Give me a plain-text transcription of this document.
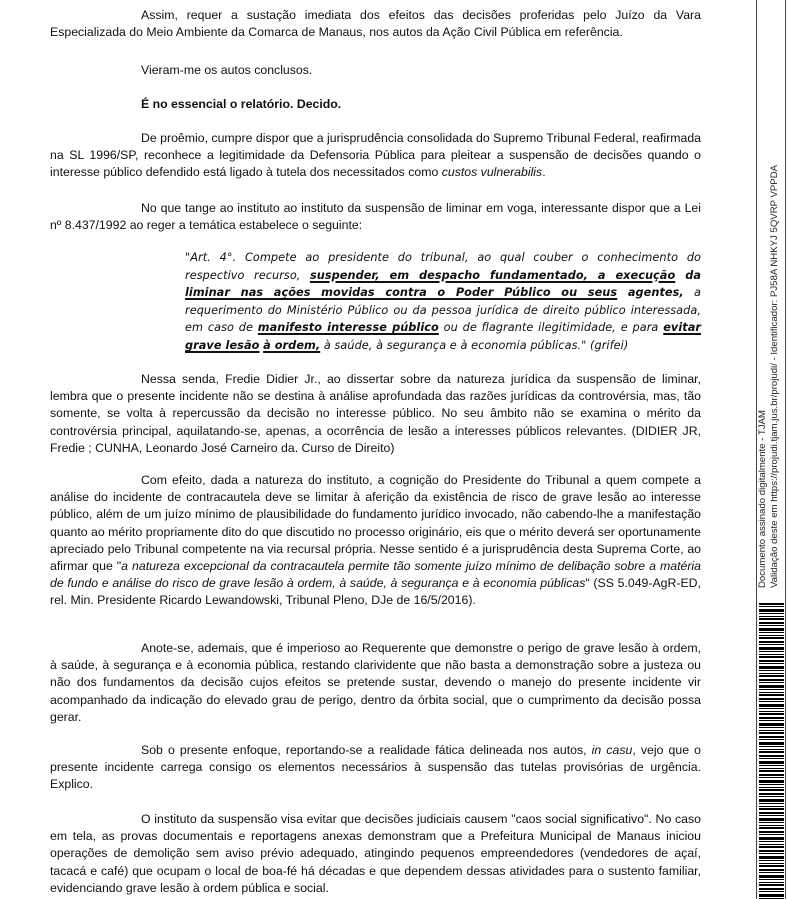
Assim, requer a sustação imediata dos efeitos das decisões proferidas pelo Juízo da Vara Especializada do Meio Ambiente da Comarca de Manaus, nos autos da Ação Civil Pública em referência.

Vieram-me os autos conclusos.

É no essencial o relatório. Decido.

De proêmio, cumpre dispor que a jurisprudência consolidada do Supremo Tribunal Federal, reafirmada na SL 1996/SP, reconhece a legitimidade da Defensoria Pública para pleitear a suspensão de decisões quando o interesse público defendido está ligado à tutela dos necessitados como custos vulnerabilis.

No que tange ao instituto ao instituto da suspensão de liminar em voga, interessante dispor que a Lei nº 8.437/1992 ao reger a temática estabelece o seguinte:

"Art. 4°. Compete ao presidente do tribunal, ao qual couber o conhecimento do respectivo recurso, suspender, em despacho fundamentado, a execução da liminar nas ações movidas contra o Poder Público ou seus agentes, a requerimento do Ministério Público ou da pessoa jurídica de direito público interessada, em caso de manifesto interesse público ou de flagrante ilegitimidade, e para evitar grave lesão à ordem, à saúde, à segurança e à economia públicas." (grifei)

Nessa senda, Fredie Didier Jr., ao dissertar sobre da natureza jurídica da suspensão de liminar, lembra que o presente incidente não se destina à análise aprofundada das razões jurídicas da controvérsia, mas, tão somente, se volta à repercussão da decisão no interesse público. No seu âmbito não se examina o mérito da controvérsia principal, aquilatando-se, apenas, a ocorrência de lesão a interesses públicos relevantes. (DIDIER JR, Fredie ; CUNHA, Leonardo José Carneiro da. Curso de Direito)

Com efeito, dada a natureza do instituto, a cognição do Presidente do Tribunal a quem compete a análise do incidente de contracautela deve se limitar à aferição da existência de risco de grave lesão ao interesse público, além de um juízo mínimo de plausibilidade do fundamento jurídico invocado, não cabendo-lhe a manifestação quanto ao mérito propriamente dito do que discutido no processo originário, eis que o mérito deverá ser oportunamente apreciado pelo Tribunal competente na via recursal própria. Nesse sentido é a jurisprudência desta Suprema Corte, ao afirmar que "a natureza excepcional da contracautela permite tão somente juízo mínimo de delibação sobre a matéria de fundo e análise do risco de grave lesão à ordem, à saúde, à segurança e à economia públicas" (SS 5.049-AgR-ED, rel. Min. Presidente Ricardo Lewandowski, Tribunal Pleno, DJe de 16/5/2016).

Anote-se, ademais, que é imperioso ao Requerente que demonstre o perigo de grave lesão à ordem, à saúde, à segurança e à economia pública, restando clarividente que não basta a demonstração sobre a justeza ou não dos fundamentos da decisão cujos efeitos se pretende sustar, devendo o manejo do presente incidente vir acompanhado da indicação do elevado grau de perigo, dentro da órbita social, que o cumprimento da decisão possa gerar.

Sob o presente enfoque, reportando-se a realidade fática delineada nos autos, in casu, vejo que o presente incidente carrega consigo os elementos necessários à suspensão das tutelas provisórias de urgência. Explico.

O instituto da suspensão visa evitar que decisões judiciais causem "caos social significativo". No caso em tela, as provas documentais e reportagens anexas demonstram que a Prefeitura Municipal de Manaus iniciou operações de demolição sem aviso prévio adequado, atingindo pequenos empreendedores (vendedores de açaí, tacacá e café) que ocupam o local de boa-fé há décadas e que dependem dessas atividades para o sustento familiar, evidenciando grave lesão à ordem pública e social.

Documento assinado digitalmente - TJAM Validação deste em https://projudi.tjam.jus.br/projudi/ - Identificador: PJ58A NHKYJ 5QVRP VPPDA
